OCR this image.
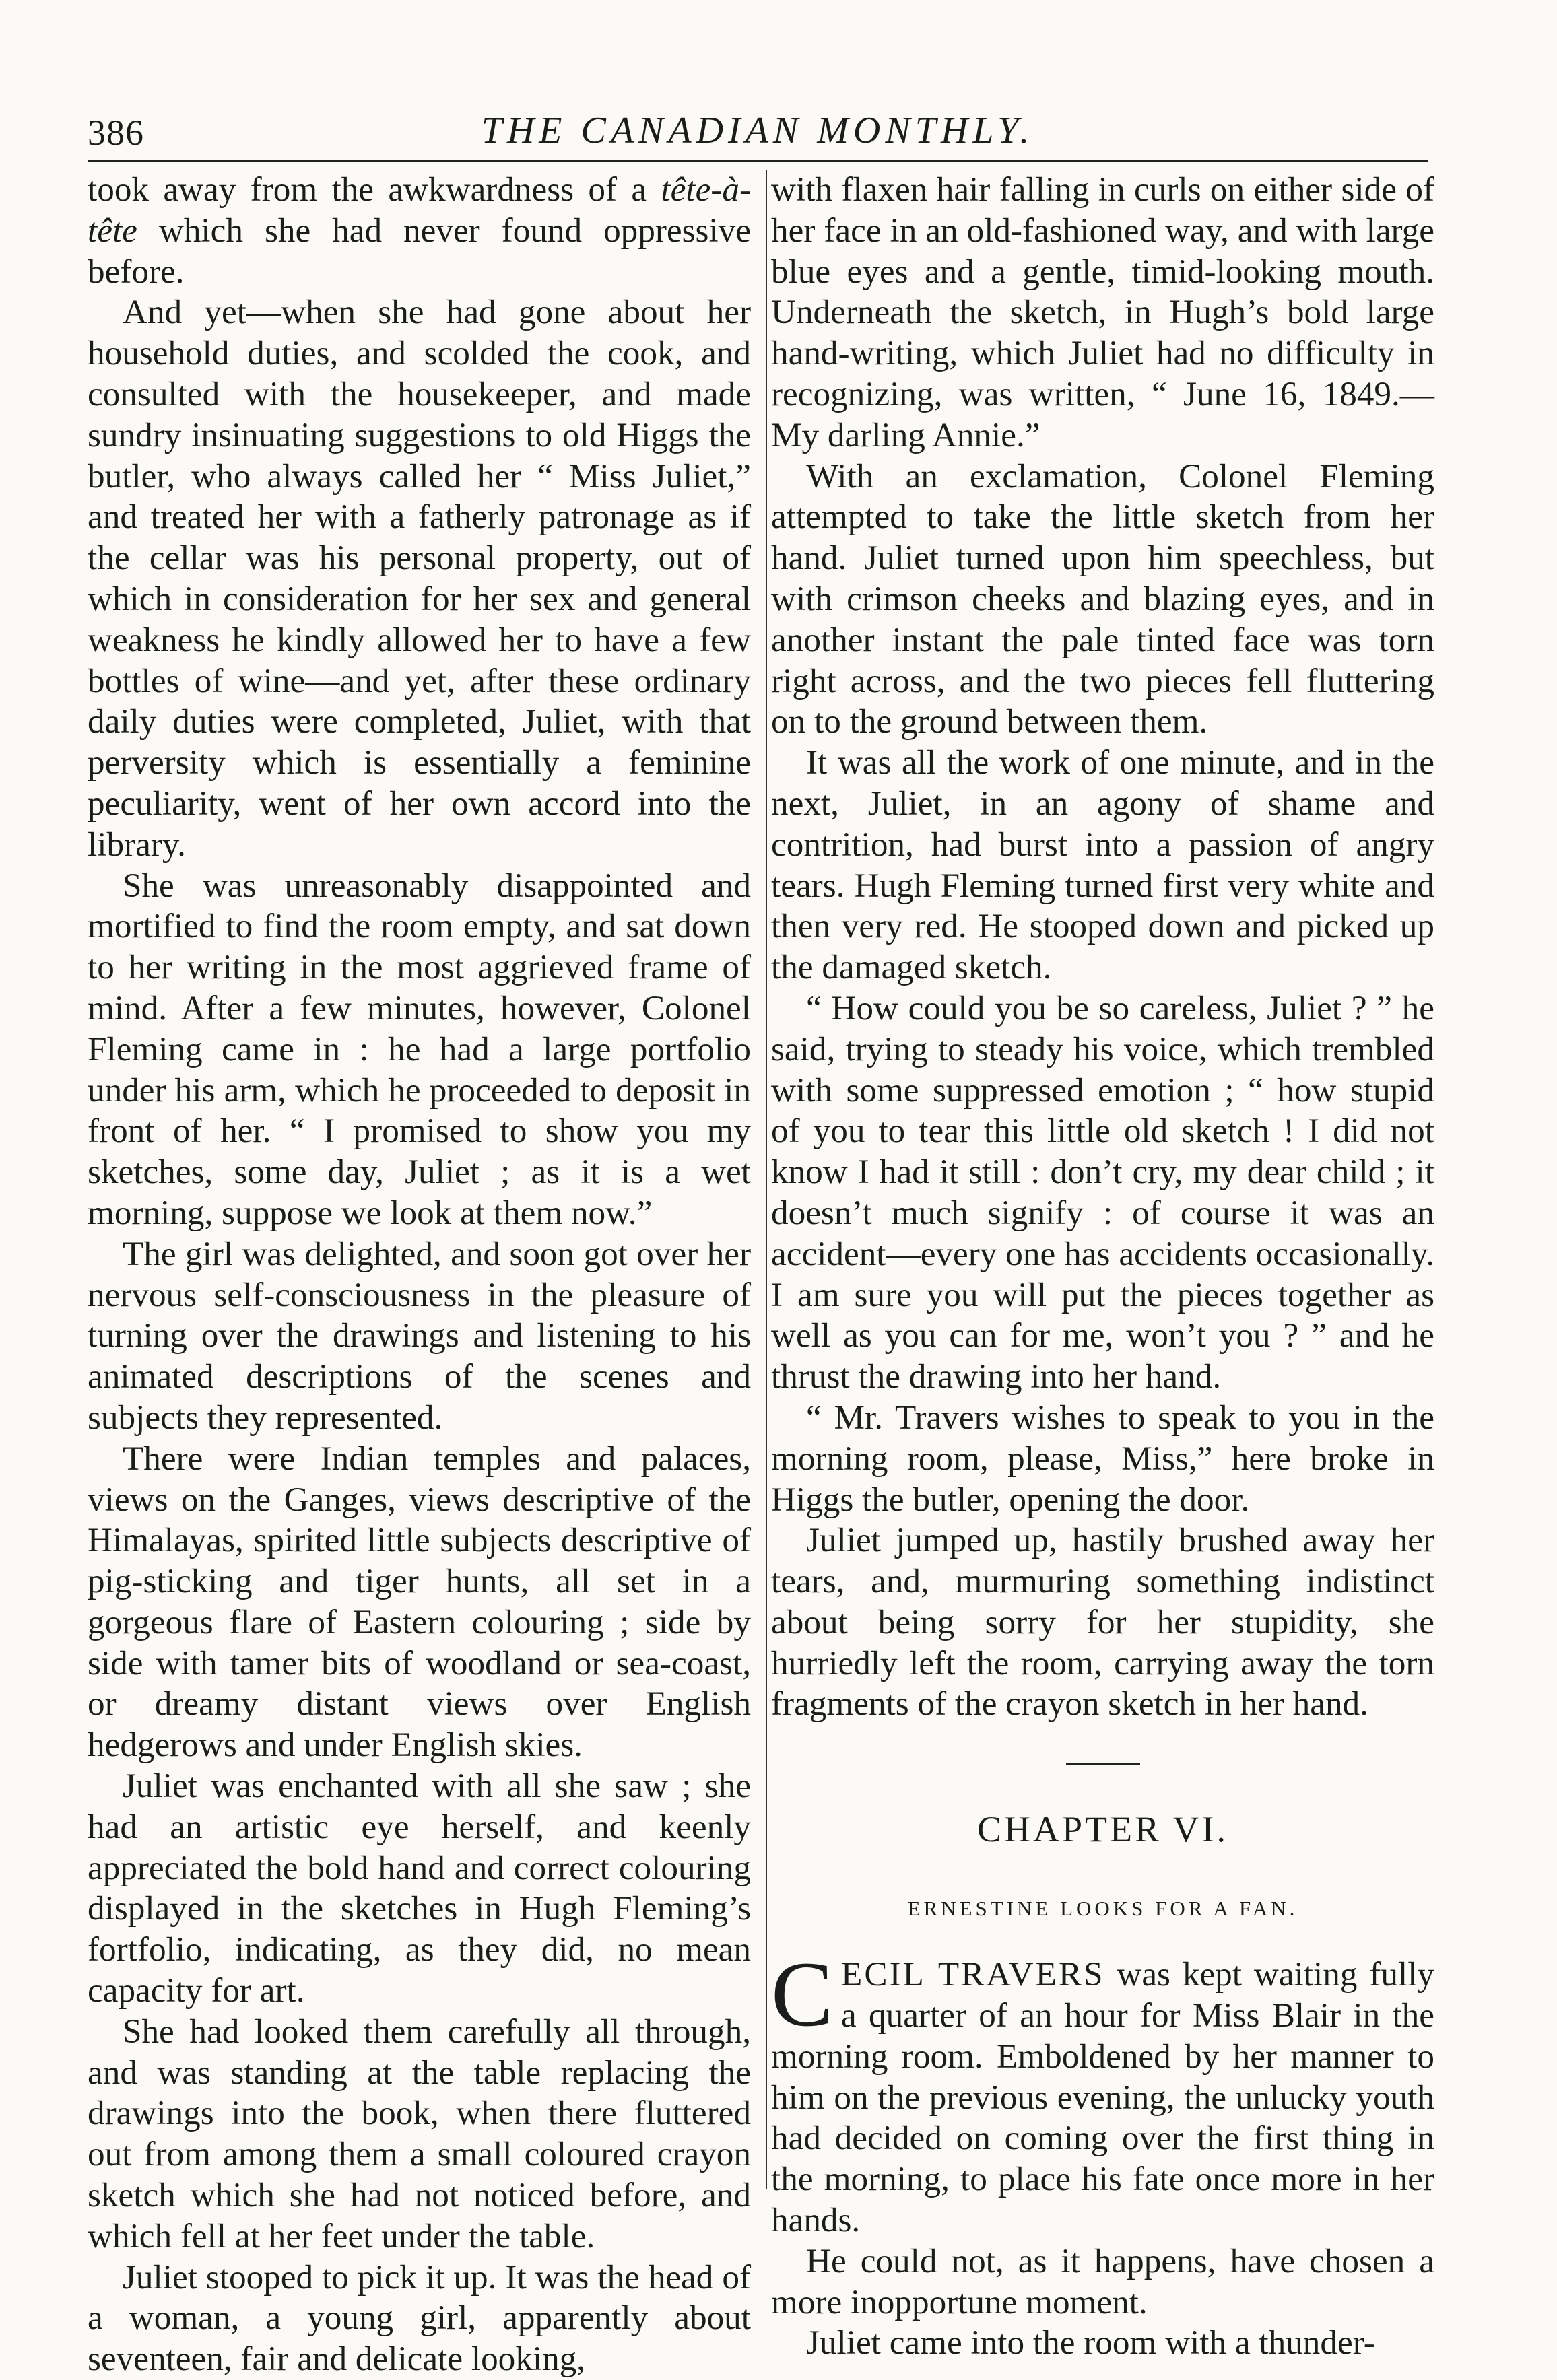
386	THE CANADIAN MONTHLY.

took away from the awkwardness of a tête-à-tête which she had never found oppressive before.

And yet—when she had gone about her household duties, and scolded the cook, and consulted with the housekeeper, and made sundry insinuating suggestions to old Higgs the butler, who always called her “ Miss Juliet,” and treated her with a fatherly patronage as if the cellar was his personal property, out of which in consideration for her sex and general weakness he kindly allowed her to have a few bottles of wine—and yet, after these ordinary daily duties were completed, Juliet, with that perversity which is essentially a feminine peculiarity, went of her own accord into the library.

She was unreasonably disappointed and mortified to find the room empty, and sat down to her writing in the most aggrieved frame of mind. After a few minutes, however, Colonel Fleming came in : he had a large portfolio under his arm, which he proceeded to deposit in front of her. “ I promised to show you my sketches, some day, Juliet ; as it is a wet morning, suppose we look at them now.”

The girl was delighted, and soon got over her nervous self-consciousness in the pleasure of turning over the drawings and listening to his animated descriptions of the scenes and subjects they represented.

There were Indian temples and palaces, views on the Ganges, views descriptive of the Himalayas, spirited little subjects descriptive of pig-sticking and tiger hunts, all set in a gorgeous flare of Eastern colouring ; side by side with tamer bits of woodland or sea-coast, or dreamy distant views over English hedgerows and under English skies.

Juliet was enchanted with all she saw ; she had an artistic eye herself, and keenly appreciated the bold hand and correct colouring displayed in the sketches in Hugh Fleming’s fortfolio, indicating, as they did, no mean capacity for art.

She had looked them carefully all through, and was standing at the table replacing the drawings into the book, when there fluttered out from among them a small coloured crayon sketch which she had not noticed before, and which fell at her feet under the table.

Juliet stooped to pick it up. It was the head of a woman, a young girl, apparently about seventeen, fair and delicate looking,

with flaxen hair falling in curls on either side of her face in an old-fashioned way, and with large blue eyes and a gentle, timid-looking mouth. Underneath the sketch, in Hugh’s bold large hand-writing, which Juliet had no difficulty in recognizing, was written, “ June 16, 1849.—My darling Annie.”

With an exclamation, Colonel Fleming attempted to take the little sketch from her hand. Juliet turned upon him speechless, but with crimson cheeks and blazing eyes, and in another instant the pale tinted face was torn right across, and the two pieces fell fluttering on to the ground between them.

It was all the work of one minute, and in the next, Juliet, in an agony of shame and contrition, had burst into a passion of angry tears. Hugh Fleming turned first very white and then very red. He stooped down and picked up the damaged sketch.

“ How could you be so careless, Juliet ? ” he said, trying to steady his voice, which trembled with some suppressed emotion ; “ how stupid of you to tear this little old sketch ! I did not know I had it still : don’t cry, my dear child ; it doesn’t much signify : of course it was an accident—every one has accidents occasionally. I am sure you will put the pieces together as well as you can for me, won’t you ? ” and he thrust the drawing into her hand.

“ Mr. Travers wishes to speak to you in the morning room, please, Miss,” here broke in Higgs the butler, opening the door.

Juliet jumped up, hastily brushed away her tears, and, murmuring something indistinct about being sorry for her stupidity, she hurriedly left the room, carrying away the torn fragments of the crayon sketch in her hand.

CHAPTER VI.
ERNESTINE LOOKS FOR A FAN.

CECIL TRAVERS was kept waiting fully a quarter of an hour for Miss Blair in the morning room. Emboldened by her manner to him on the previous evening, the unlucky youth had decided on coming over the first thing in the morning, to place his fate once more in her hands.

He could not, as it happens, have chosen a more inopportune moment.

Juliet came into the room with a thunder-
